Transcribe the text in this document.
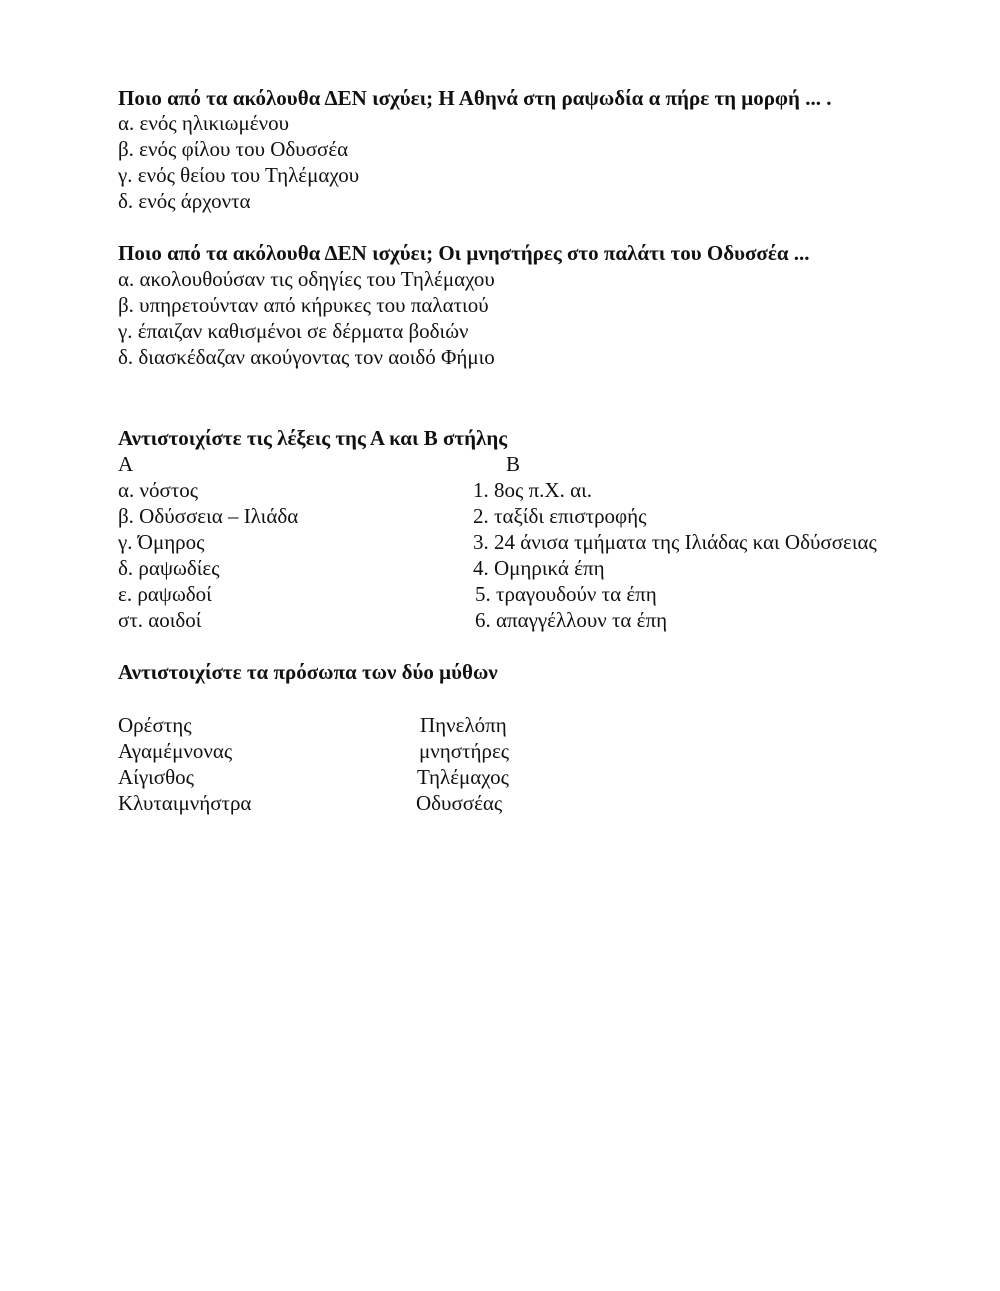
Ποιο από τα ακόλουθα ΔΕΝ ισχύει; Η Αθηνά στη ραψωδία α πήρε τη μορφή ... .
α. ενός ηλικιωμένου
β. ενός φίλου του Οδυσσέα
γ. ενός θείου του Τηλέμαχου
δ. ενός άρχοντα
Ποιο από τα ακόλουθα ΔΕΝ ισχύει; Οι μνηστήρες στο παλάτι του Οδυσσέα ...
α. ακολουθούσαν τις οδηγίες του Τηλέμαχου
β. υπηρετούνταν από κήρυκες του παλατιού
γ. έπαιζαν καθισμένοι σε δέρματα βοδιών
δ. διασκέδαζαν ακούγοντας τον αοιδό Φήμιο
Αντιστοιχίστε τις λέξεις της Α και Β στήλης
Α	Β
α. νόστος
β. Οδύσσεια – Ιλιάδα
γ. Όμηρος
δ. ραψωδίες
ε. ραψωδοί
στ. αοιδοί
1. 8ος π.Χ. αι.
2. ταξίδι επιστροφής
3. 24 άνισα τμήματα της Ιλιάδας και Οδύσσειας
4. Ομηρικά έπη
5. τραγουδούν τα έπη
6. απαγγέλλουν τα έπη
Αντιστοιχίστε τα πρόσωπα των δύο μύθων
Ορέστης
Αγαμέμνονας
Αίγισθος
Κλυταιμνήστρα
Πηνελόπη
μνηστήρες
Τηλέμαχος
Οδυσσέας
